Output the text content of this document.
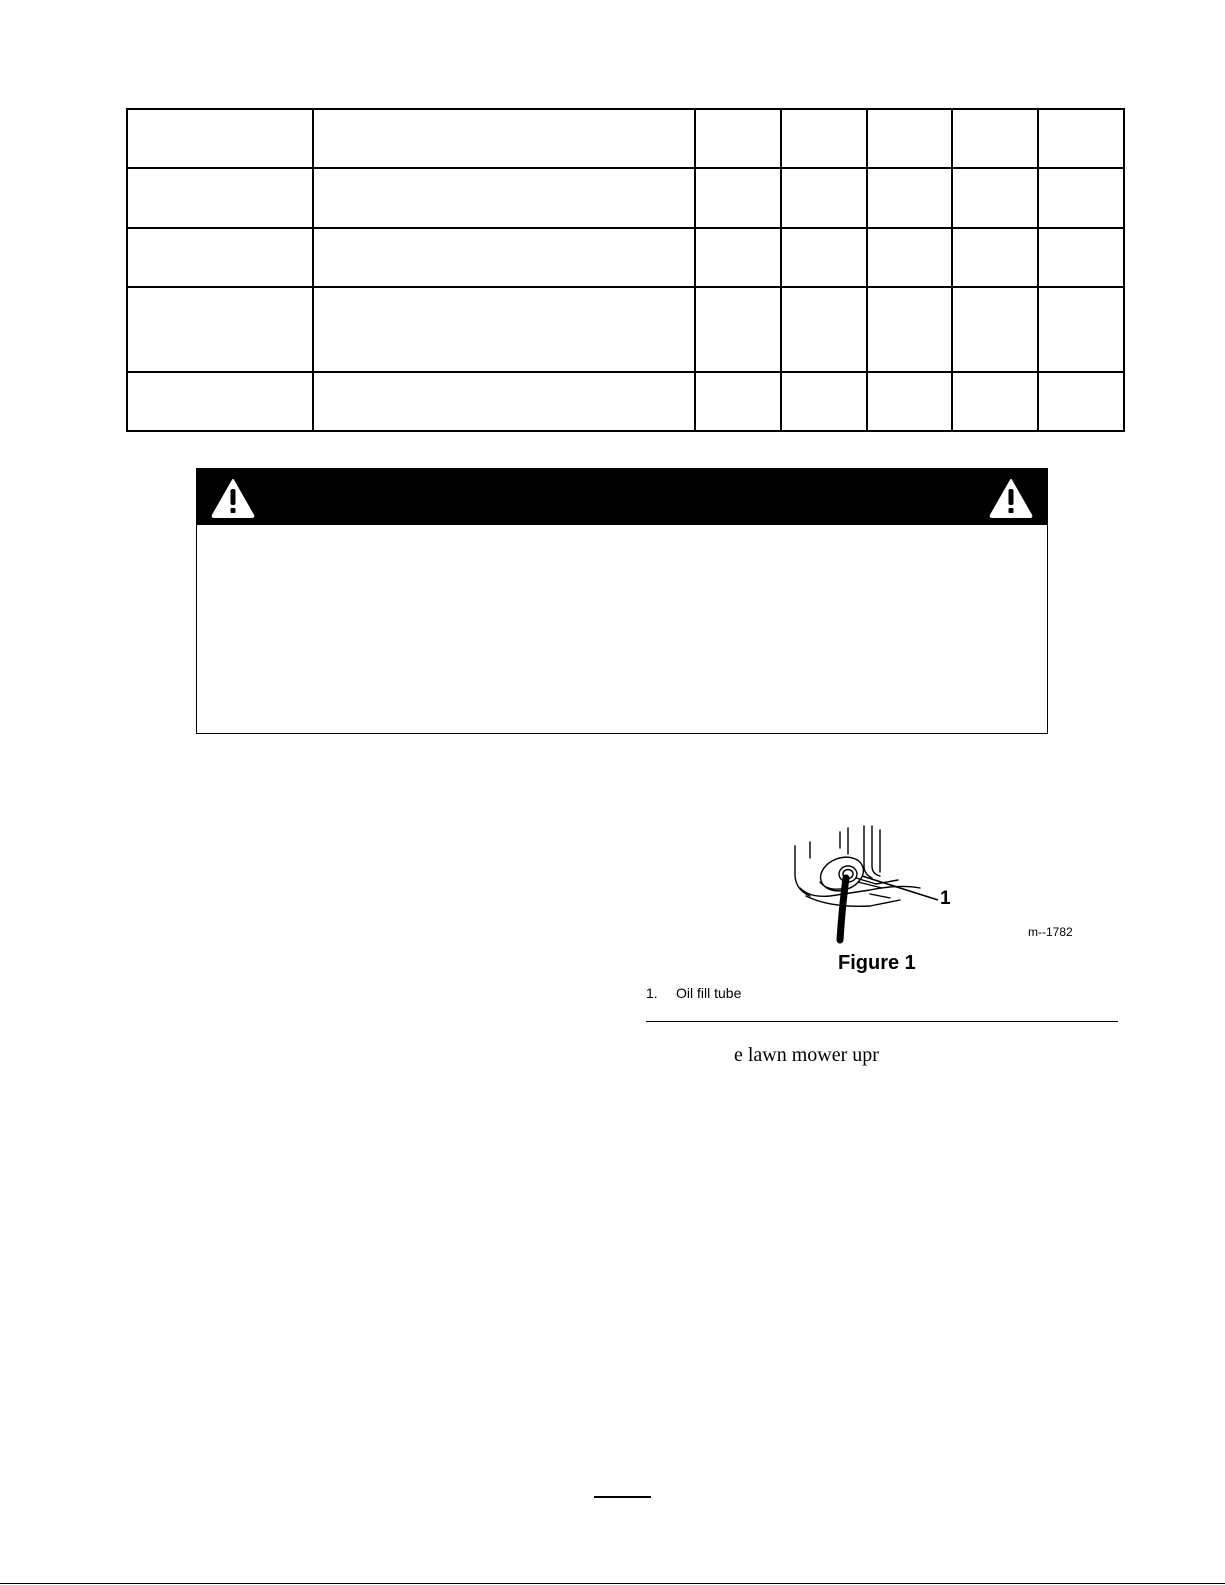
1
m--1782
Figure 1
1. Oil fill tube
e lawn mower upr
